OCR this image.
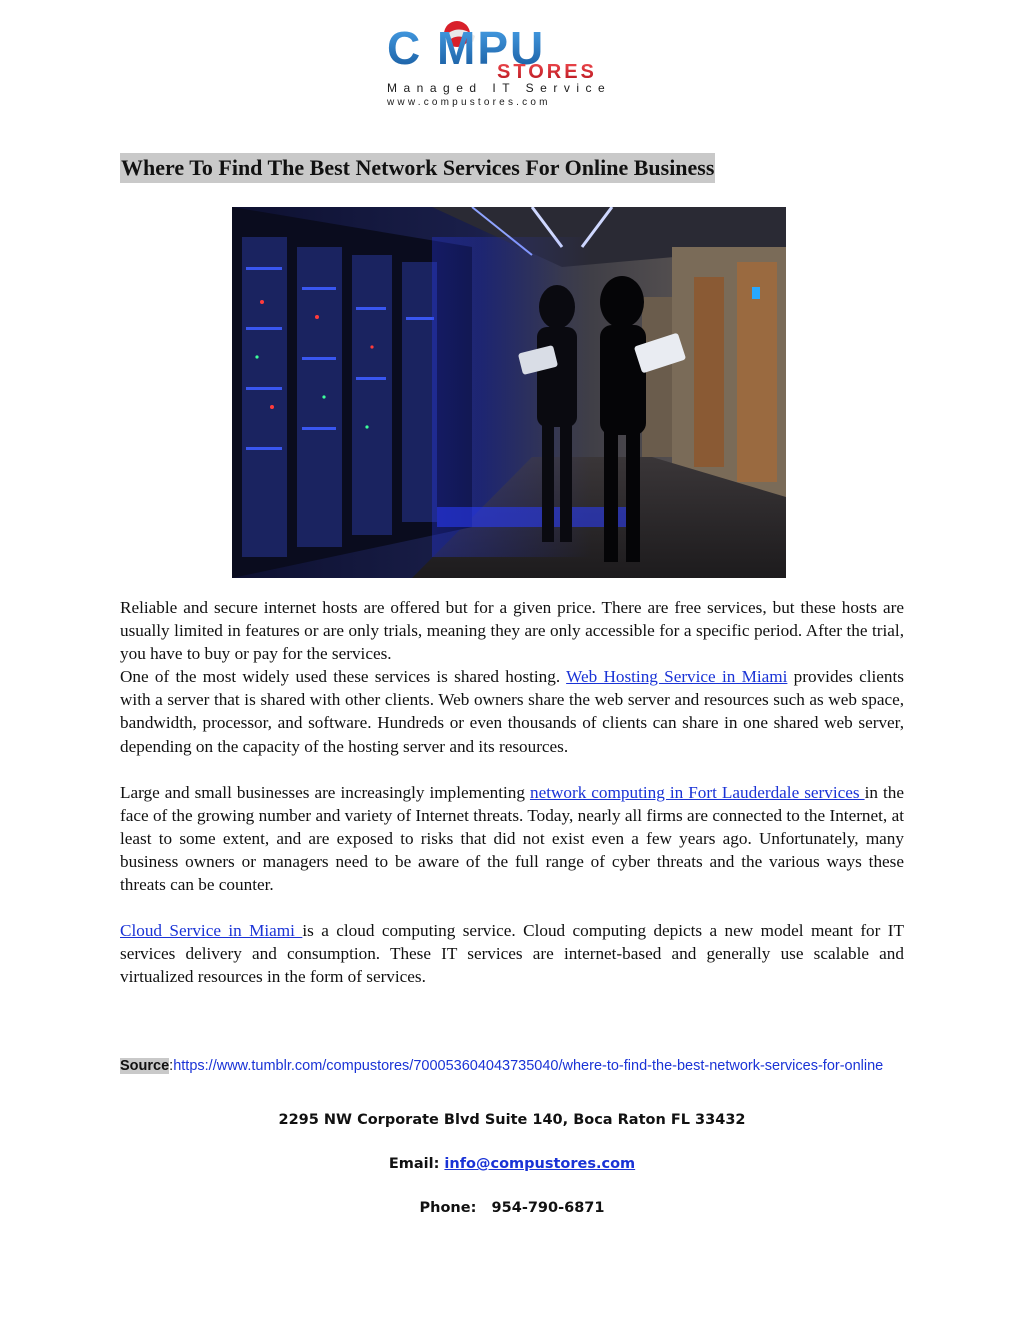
C MPU
STORES
Managed IT Service
www.compustores.com
Where To Find The Best Network Services For Online Business

Reliable and secure internet hosts are offered but for a given price. There are free services, but these hosts are usually limited in features or are only trials, meaning they are only accessible for a specific period. After the trial, you have to buy or pay for the services.

One of the most widely used these services is shared hosting. Web Hosting Service in Miami provides clients with a server that is shared with other clients. Web owners share the web server and resources such as web space, bandwidth, processor, and software. Hundreds or even thousands of clients can share in one shared web server, depending on the capacity of the hosting server and its resources.

Large and small businesses are increasingly implementing network computing in Fort Lauderdale services in the face of the growing number and variety of Internet threats. Today, nearly all firms are connected to the Internet, at least to some extent, and are exposed to risks that did not exist even a few years ago. Unfortunately, many business owners or managers need to be aware of the full range of cyber threats and the various ways these threats can be counter.

Cloud Service in Miami is a cloud computing service. Cloud computing depicts a new model meant for IT services delivery and consumption. These IT services are internet-based and generally use scalable and virtualized resources in the form of services.

Source:https://www.tumblr.com/compustores/700053604043735040/where-to-find-the-best-network-services-for-online
2295 NW Corporate Blvd Suite 140, Boca Raton FL 33432
Email: info@compustores.com
Phone: 954-790-6871
